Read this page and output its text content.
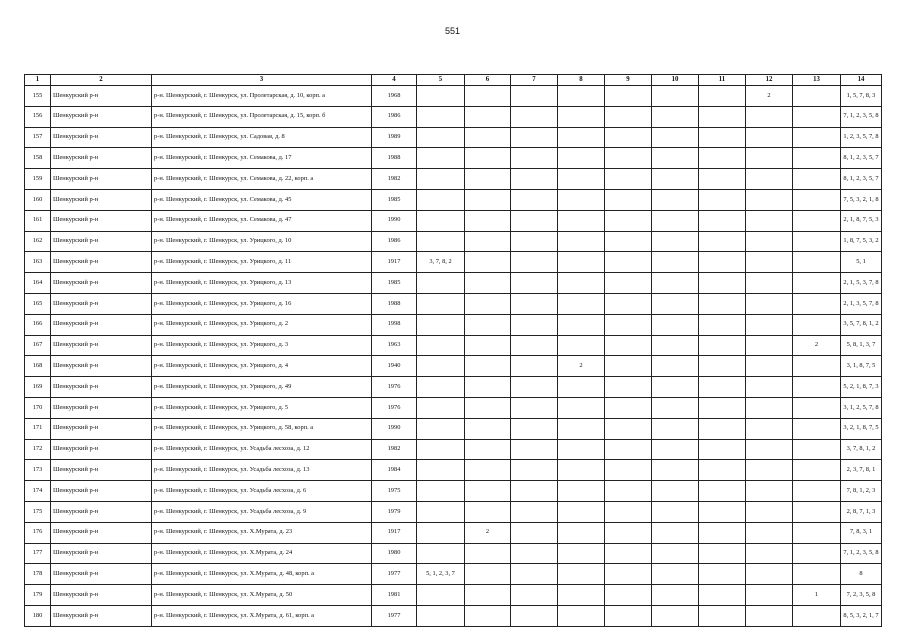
551
1	2	3	4	5	6	7	8	9	10	11	12	13	14
155	Шенкурский р-н	р-н. Шенкурский, г. Шенкурск, ул. Пролетарская, д. 10, корп. а	1968								2		1, 5, 7, 8, 3
156	Шенкурский р-н	р-н. Шенкурский, г. Шенкурск, ул. Пролетарская, д. 15, корп. б	1986										7, 1, 2, 3, 5, 8
157	Шенкурский р-н	р-н. Шенкурский, г. Шенкурск, ул. Садовая, д. 8	1989										1, 2, 3, 5, 7, 8
158	Шенкурский р-н	р-н. Шенкурский, г. Шенкурск, ул. Семакова, д. 17	1988										8, 1, 2, 3, 5, 7
159	Шенкурский р-н	р-н. Шенкурский, г. Шенкурск, ул. Семакова, д. 22, корп. а	1982										8, 1, 2, 3, 5, 7
160	Шенкурский р-н	р-н. Шенкурский, г. Шенкурск, ул. Семакова, д. 45	1985										7, 5, 3, 2, 1, 8
161	Шенкурский р-н	р-н. Шенкурский, г. Шенкурск, ул. Семакова, д. 47	1990										2, 1, 8, 7, 5, 3
162	Шенкурский р-н	р-н. Шенкурский, г. Шенкурск, ул. Урицкого, д. 10	1986										1, 8, 7, 5, 3, 2
163	Шенкурский р-н	р-н. Шенкурский, г. Шенкурск, ул. Урицкого, д. 11	1917	3, 7, 8, 2									5, 1
164	Шенкурский р-н	р-н. Шенкурский, г. Шенкурск, ул. Урицкого, д. 13	1985										2, 1, 5, 3, 7, 8
165	Шенкурский р-н	р-н. Шенкурский, г. Шенкурск, ул. Урицкого, д. 16	1988										2, 1, 3, 5, 7, 8
166	Шенкурский р-н	р-н. Шенкурский, г. Шенкурск, ул. Урицкого, д. 2	1998										3, 5, 7, 8, 1, 2
167	Шенкурский р-н	р-н. Шенкурский, г. Шенкурск, ул. Урицкого, д. 3	1963									2	5, 8, 1, 3, 7
168	Шенкурский р-н	р-н. Шенкурский, г. Шенкурск, ул. Урицкого, д. 4	1940				2						3, 1, 8, 7, 5
169	Шенкурский р-н	р-н. Шенкурский, г. Шенкурск, ул. Урицкого, д. 49	1976										5, 2, 1, 8, 7, 3
170	Шенкурский р-н	р-н. Шенкурский, г. Шенкурск, ул. Урицкого, д. 5	1976										3, 1, 2, 5, 7, 8
171	Шенкурский р-н	р-н. Шенкурский, г. Шенкурск, ул. Урицкого, д. 58, корп. а	1990										3, 2, 1, 8, 7, 5
172	Шенкурский р-н	р-н. Шенкурский, г. Шенкурск, ул. Усадьба леcхоза, д. 12	1982										3, 7, 8, 1, 2
173	Шенкурский р-н	р-н. Шенкурский, г. Шенкурск, ул. Усадьба леcхоза, д. 13	1984										2, 3, 7, 8, 1
174	Шенкурский р-н	р-н. Шенкурский, г. Шенкурск, ул. Усадьба леcхоза, д. 6	1975										7, 8, 1, 2, 3
175	Шенкурский р-н	р-н. Шенкурский, г. Шенкурск, ул. Усадьба леcхоза, д. 9	1979										2, 8, 7, 1, 3
176	Шенкурский р-н	р-н. Шенкурский, г. Шенкурск, ул. Х.Мурата, д. 23	1917		2								7, 8, 3, 1
177	Шенкурский р-н	р-н. Шенкурский, г. Шенкурск, ул. Х.Мурата, д. 24	1980										7, 1, 2, 3, 5, 8
178	Шенкурский р-н	р-н. Шенкурский, г. Шенкурск, ул. Х.Мурата, д. 48, корп. а	1977	5, 1, 2, 3, 7									8
179	Шенкурский р-н	р-н. Шенкурский, г. Шенкурск, ул. Х.Мурата, д. 50	1981									1	7, 2, 3, 5, 8
180	Шенкурский р-н	р-н. Шенкурский, г. Шенкурск, ул. Х.Мурата, д. 61, корп. а	1977										8, 5, 3, 2, 1, 7
